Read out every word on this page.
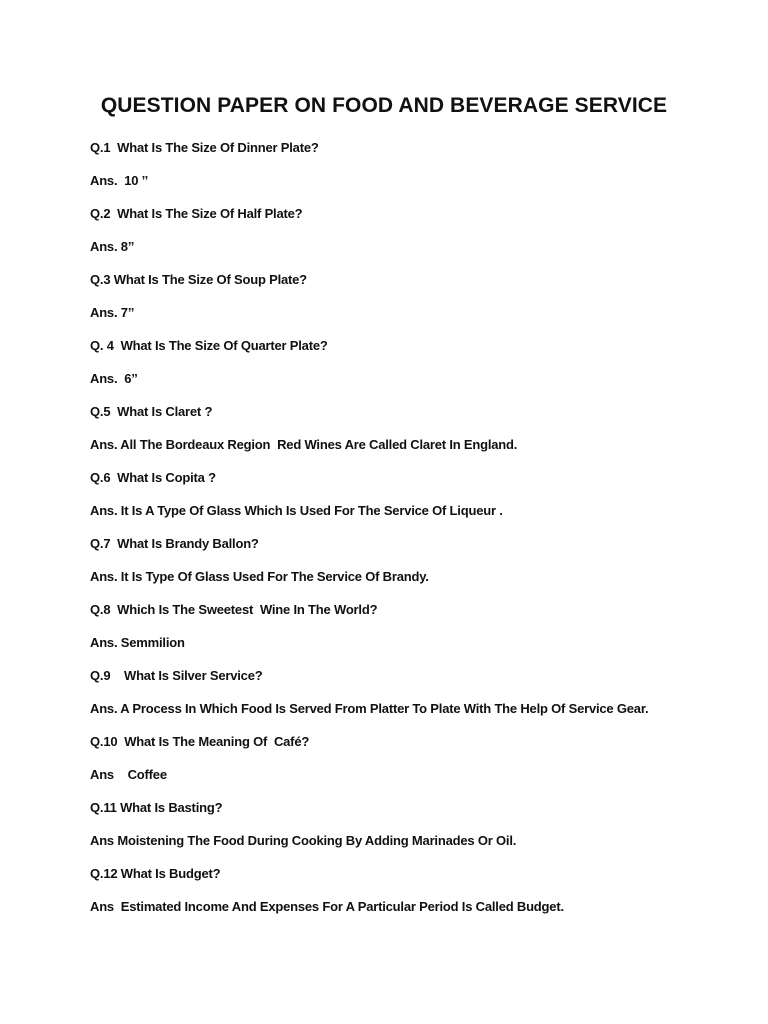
QUESTION PAPER ON FOOD AND BEVERAGE SERVICE
Q.1  What Is The Size Of Dinner Plate?
Ans.  10 ’’
Q.2  What Is The Size Of Half Plate?
Ans. 8’’
Q.3 What Is The Size Of Soup Plate?
Ans. 7’’
Q. 4  What Is The Size Of Quarter Plate?
Ans.  6’’
Q.5  What Is Claret ?
Ans. All The Bordeaux Region  Red Wines Are Called Claret In England.
Q.6  What Is Copita ?
Ans. It Is A Type Of Glass Which Is Used For The Service Of Liqueur .
Q.7  What Is Brandy Ballon?
Ans. It Is Type Of Glass Used For The Service Of Brandy.
Q.8  Which Is The Sweetest  Wine In The World?
Ans. Semmilion
Q.9    What Is Silver Service?
Ans. A Process In Which Food Is Served From Platter To Plate With The Help Of Service Gear.
Q.10  What Is The Meaning Of  Café?
Ans    Coffee
Q.11 What Is Basting?
Ans Moistening The Food During Cooking By Adding Marinades Or Oil.
Q.12 What Is Budget?
Ans  Estimated Income And Expenses For A Particular Period Is Called Budget.
